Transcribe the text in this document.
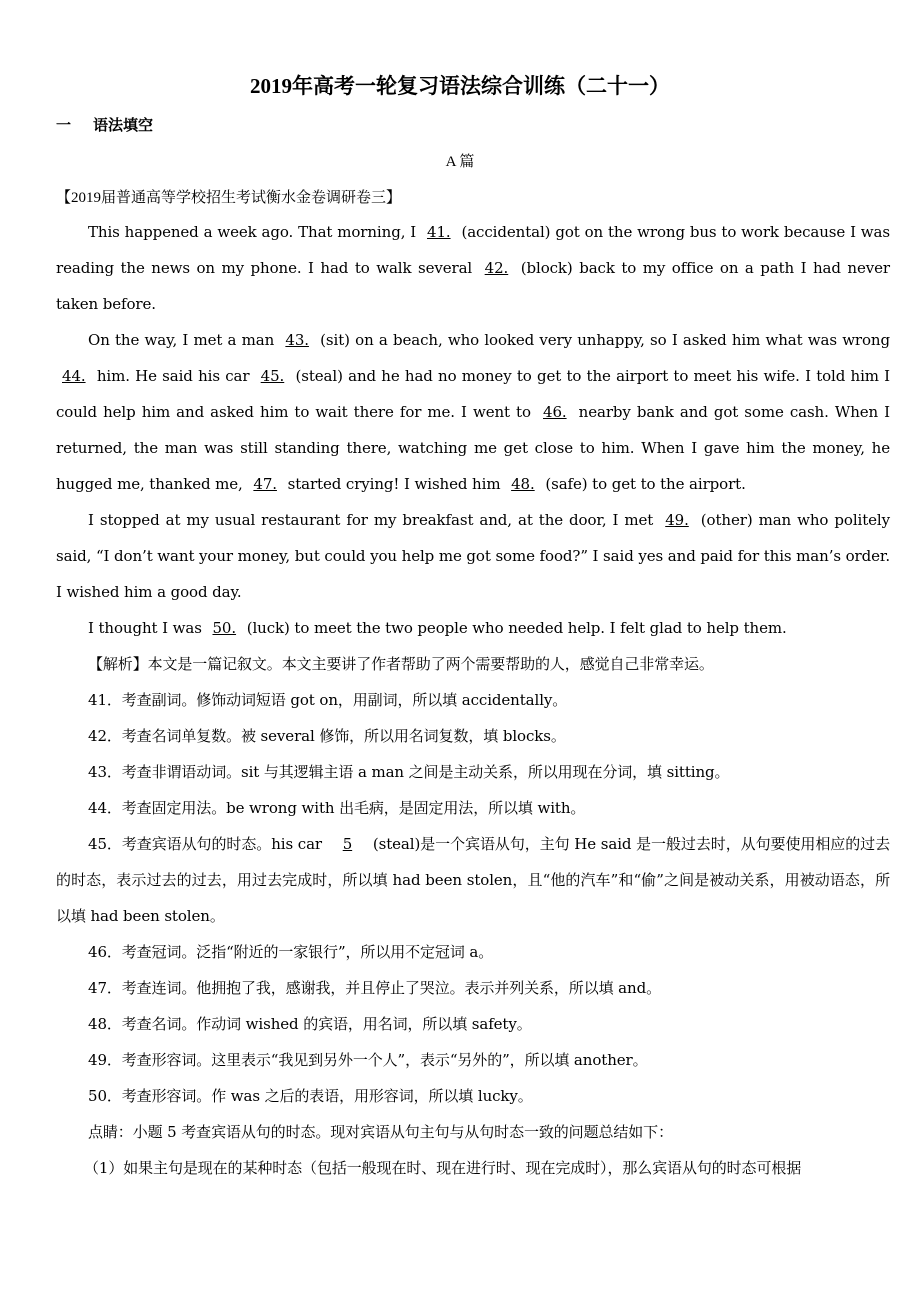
2019年高考一轮复习语法综合训练（二十一）
一 语法填空
A 篇
【2019届普通高等学校招生考试衡水金卷调研卷三】

This happened a week ago. That morning, I 41. (accidental) got on the wrong bus to work because I was reading the news on my phone. I had to walk several 42. (block) back to my office on a path I had never taken before.

On the way, I met a man 43. (sit) on a beach, who looked very unhappy, so I asked him what was wrong 44. him. He said his car 45. (steal) and he had no money to get to the airport to meet his wife. I told him I could help him and asked him to wait there for me. I went to 46. nearby bank and got some cash. When I returned, the man was still standing there, watching me get close to him. When I gave him the money, he hugged me, thanked me, 47. started crying! I wished him 48. (safe) to get to the airport.

I stopped at my usual restaurant for my breakfast and, at the door, I met 49. (other) man who politely said, “I don’t want your money, but could you help me got some food?” I said yes and paid for this man’s order. I wished him a good day.

I thought I was 50. (luck) to meet the two people who needed help. I felt glad to help them.

【解析】本文是一篇记叙文。本文主要讲了作者帮助了两个需要帮助的人，感觉自己非常幸运。

41．考查副词。修饰动词短语 got on，用副词，所以填 accidentally。

42．考查名词单复数。被 several 修饰，所以用名词复数，填 blocks。

43．考查非谓语动词。sit 与其逻辑主语 a man 之间是主动关系，所以用现在分词，填 sitting。

44．考查固定用法。be wrong with 出毛病，是固定用法，所以填 with。

45．考查宾语从句的时态。his car 5 (steal)是一个宾语从句，主句 He said 是一般过去时，从句要使用相应的过去的时态，表示过去的过去，用过去完成时，所以填 had been stolen，且“他的汽车”和“偷”之间是被动关系，用被动语态，所以填 had been stolen。

46．考查冠词。泛指“附近的一家银行”，所以用不定冠词 a。

47．考查连词。他拥抱了我，感谢我，并且停止了哭泣。表示并列关系，所以填 and。

48．考查名词。作动词 wished 的宾语，用名词，所以填 safety。

49．考查形容词。这里表示“我见到另外一个人”，表示“另外的”，所以填 another。

50．考查形容词。作 was 之后的表语，用形容词，所以填 lucky。

点睛：小题 5 考查宾语从句的时态。现对宾语从句主句与从句时态一致的问题总结如下：

（1）如果主句是现在的某种时态（包括一般现在时、现在进行时、现在完成时），那么宾语从句的时态可根据
